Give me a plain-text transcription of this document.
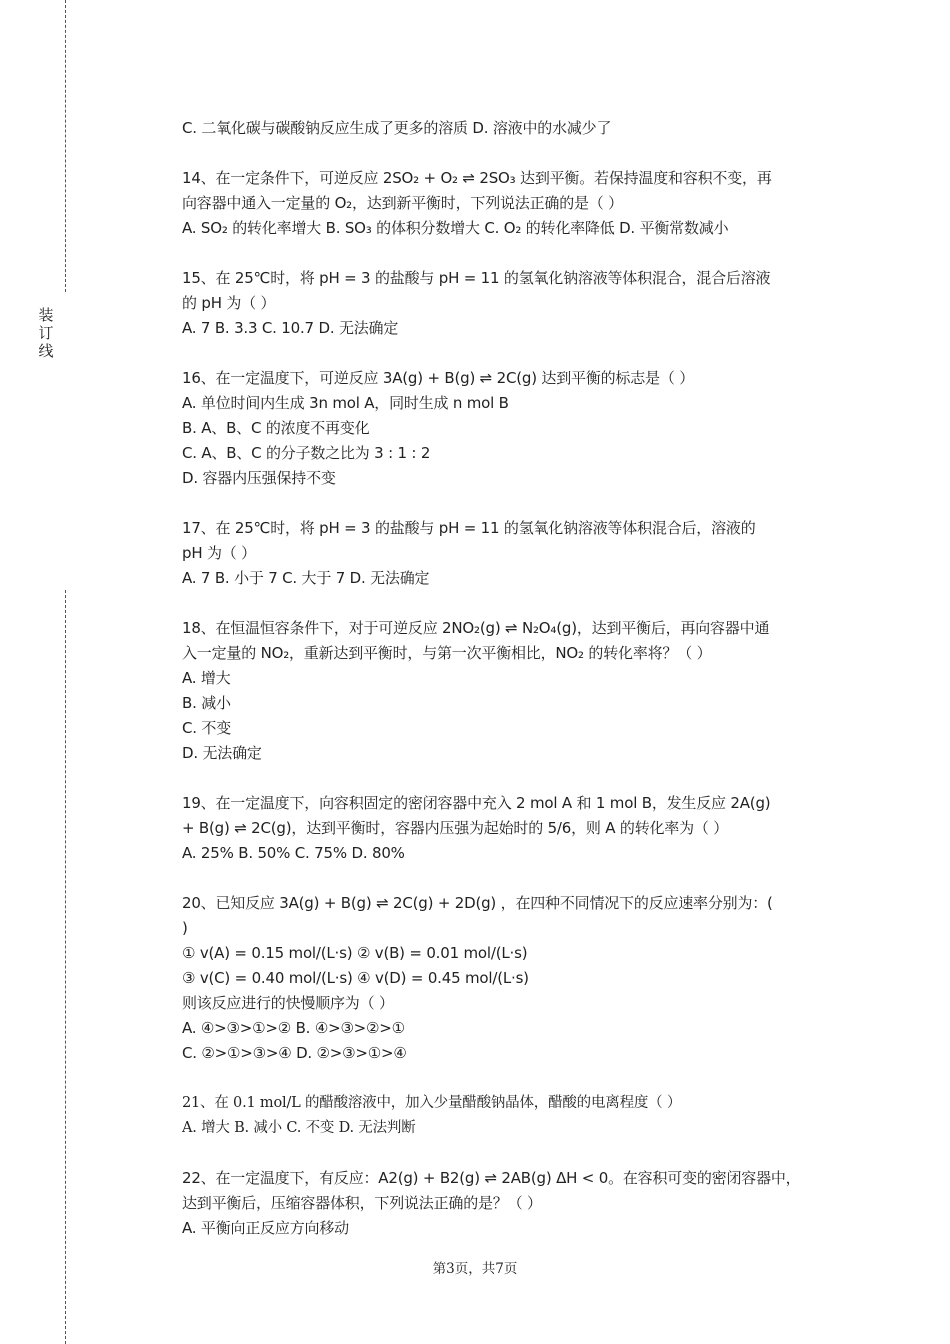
装
订
线
C. 二氧化碳与碳酸钠反应生成了更多的溶质 D. 溶液中的水减少了
14、在一定条件下，可逆反应 2SO₂ + O₂ ⇌ 2SO₃ 达到平衡。若保持温度和容积不变，再
向容器中通入一定量的 O₂，达到新平衡时，下列说法正确的是（ ）
A. SO₂ 的转化率增大 B. SO₃ 的体积分数增大 C. O₂ 的转化率降低 D. 平衡常数减小
15、在 25℃时，将 pH = 3 的盐酸与 pH = 11 的氢氧化钠溶液等体积混合，混合后溶液
的 pH 为（ ）
A. 7 B. 3.3 C. 10.7 D. 无法确定
16、在一定温度下，可逆反应 3A(g) + B(g) ⇌ 2C(g) 达到平衡的标志是（ ）
A. 单位时间内生成 3n mol A，同时生成 n mol B
B. A、B、C 的浓度不再变化
C. A、B、C 的分子数之比为 3 : 1 : 2
D. 容器内压强保持不变
17、在 25℃时，将 pH = 3 的盐酸与 pH = 11 的氢氧化钠溶液等体积混合后，溶液的
pH 为（ ）
A. 7 B. 小于 7 C. 大于 7 D. 无法确定
18、在恒温恒容条件下，对于可逆反应 2NO₂(g) ⇌ N₂O₄(g)，达到平衡后，再向容器中通
入一定量的 NO₂，重新达到平衡时，与第一次平衡相比，NO₂ 的转化率将？（ ）
A. 增大
B. 减小
C. 不变
D. 无法确定
19、在一定温度下，向容积固定的密闭容器中充入 2 mol A 和 1 mol B，发生反应 2A(g)
+ B(g) ⇌ 2C(g)，达到平衡时，容器内压强为起始时的 5/6，则 A 的转化率为（ ）
A. 25% B. 50% C. 75% D. 80%
20、已知反应 3A(g) + B(g) ⇌ 2C(g) + 2D(g) ，在四种不同情况下的反应速率分别为：(
)
① v(A) = 0.15 mol/(L·s) ② v(B) = 0.01 mol/(L·s)
③ v(C) = 0.40 mol/(L·s) ④ v(D) = 0.45 mol/(L·s)
则该反应进行的快慢顺序为（ ）
A. ④>③>①>② B. ④>③>②>①
C. ②>①>③>④ D. ②>③>①>④
21、在 0.1 mol/L 的醋酸溶液中，加入少量醋酸钠晶体，醋酸的电离程度（ ）
A. 增大 B. 减小 C. 不变 D. 无法判断
22、在一定温度下，有反应：A2(g) + B2(g) ⇌ 2AB(g) ΔH < 0。在容积可变的密闭容器中，
达到平衡后，压缩容器体积，下列说法正确的是？（ ）
A. 平衡向正反应方向移动
第3页，共7页
